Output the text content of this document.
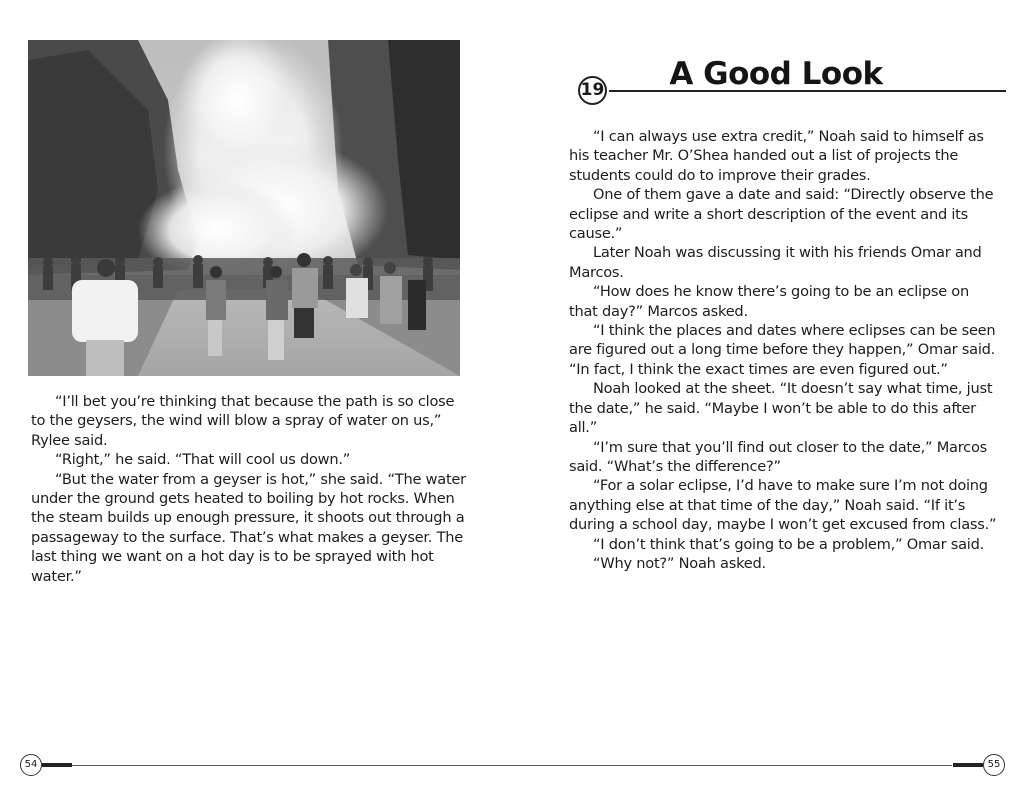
“I’ll bet you’re thinking that because the path is so close to the geysers, the wind will blow a spray of water on us,” Rylee said.

“Right,” he said. “That will cool us down.”

“But the water from a geyser is hot,” she said. “The water under the ground gets heated to boiling by hot rocks. When the steam builds up enough pressure, it shoots out through a passageway to the surface. That’s what makes a geyser. The last thing we want on a hot day is to be sprayed with hot water.”

19	A Good Look

“I can always use extra credit,” Noah said to himself as his teacher Mr. O’Shea handed out a list of projects the students could do to improve their grades.

One of them gave a date and said: “Directly observe the eclipse and write a short description of the event and its cause.”

Later Noah was discussing it with his friends Omar and Marcos.

“How does he know there’s going to be an eclipse on that day?” Marcos asked.

“I think the places and dates where eclipses can be seen are figured out a long time before they happen,” Omar said. “In fact, I think the exact times are even figured out.”

Noah looked at the sheet. “It doesn’t say what time, just the date,” he said. “Maybe I won’t be able to do this after all.”

“I’m sure that you’ll find out closer to the date,” Marcos said. “What’s the difference?”

“For a solar eclipse, I’d have to make sure I’m not doing anything else at that time of the day,” Noah said. “If it’s during a school day, maybe I won’t get excused from class.”

“I don’t think that’s going to be a problem,” Omar said.

“Why not?” Noah asked.

54	55
